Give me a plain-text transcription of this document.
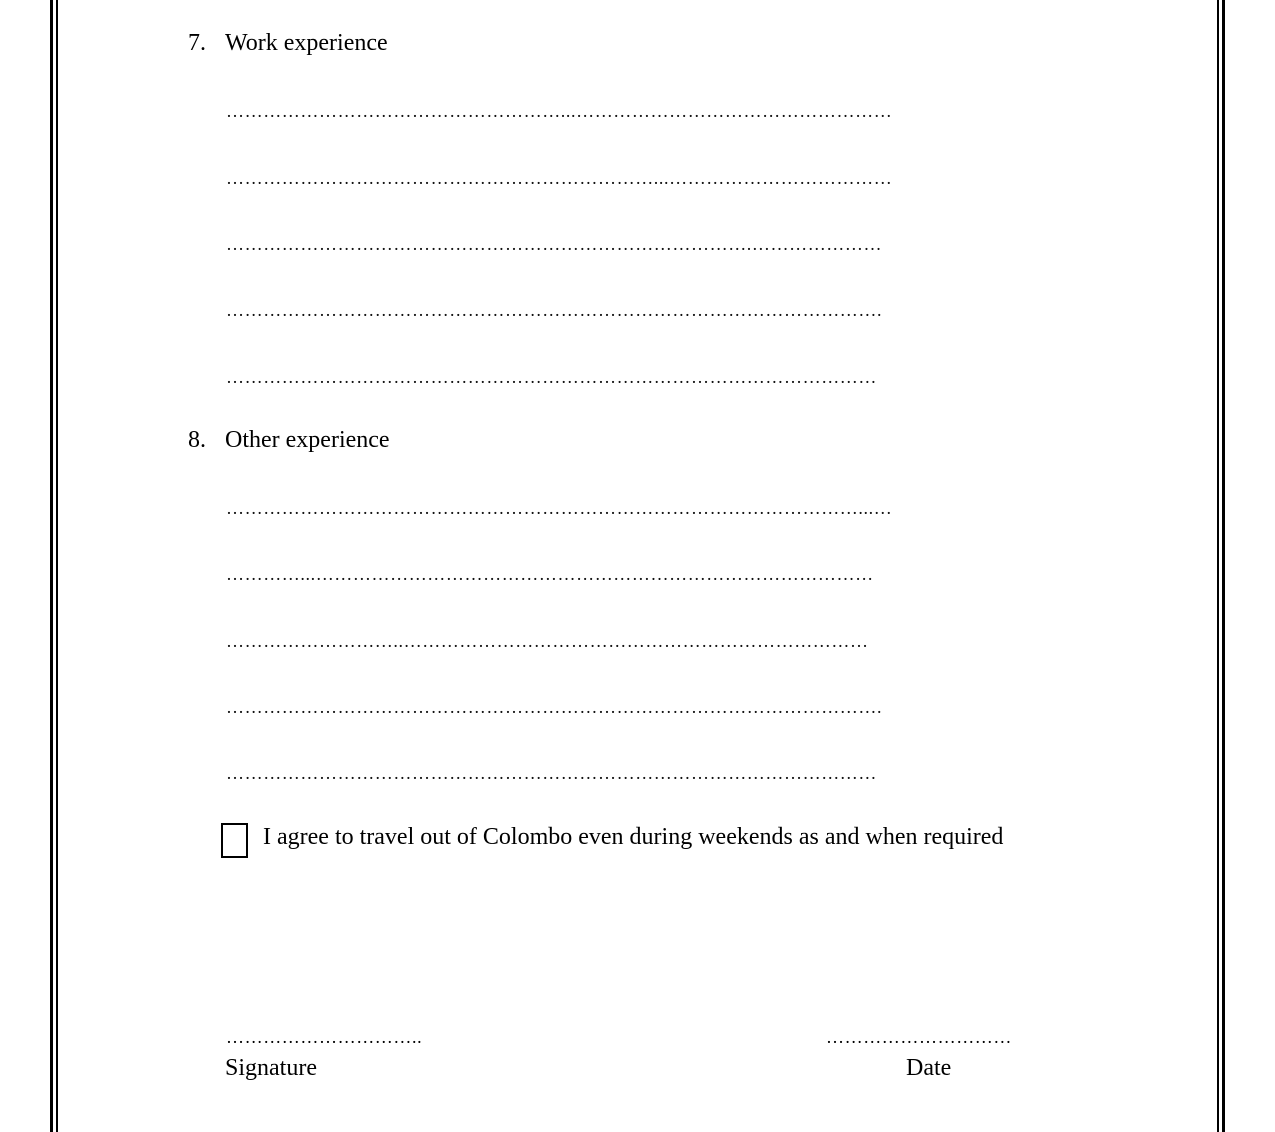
7. Work experience
………………………………………………...……………………………………………
……………………………………………………………...………………………………
………………………………………………………………………….…………………
…………………………………………………………………………………………….
……………………………………………………………………………………………
8. Other experience
…………………………………………………………………………………………...…
…………...………………………………………………………………………………
………………………..…………………………………………………………………
…………………………………………………………………………………………….
……………………………………………………………………………………………
I agree to travel out of Colombo even during weekends as and when required
…………………………..
Signature
…………………………
Date
